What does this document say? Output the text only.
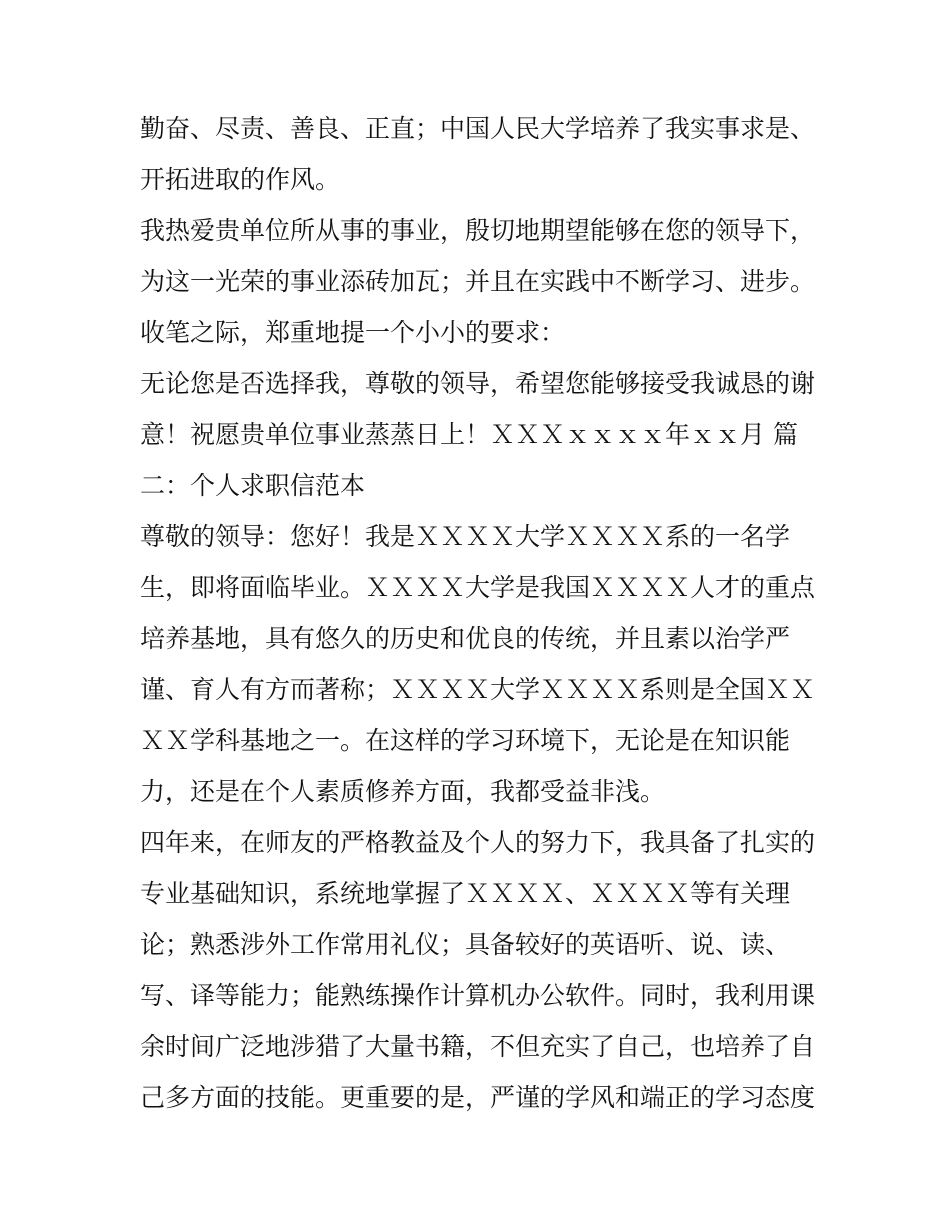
勤奋、尽责、善良、正直；中国人民大学培养了我实事求是、
开拓进取的作风。
我热爱贵单位所从事的事业，殷切地期望能够在您的领导下，
为这一光荣的事业添砖加瓦；并且在实践中不断学习、进步。
收笔之际，郑重地提一个小小的要求：
无论您是否选择我，尊敬的领导，希望您能够接受我诚恳的谢
意！祝愿贵单位事业蒸蒸日上！ＸＸＸｘｘｘｘ年ｘｘ月 篇
二：个人求职信范本
尊敬的领导：您好！我是ＸＸＸＸ大学ＸＸＸＸ系的一名学
生，即将面临毕业。ＸＸＸＸ大学是我国ＸＸＸＸ人才的重点
培养基地，具有悠久的历史和优良的传统，并且素以治学严
谨、育人有方而著称；ＸＸＸＸ大学ＸＸＸＸ系则是全国ＸＸ
ＸＸ学科基地之一。在这样的学习环境下，无论是在知识能
力，还是在个人素质修养方面，我都受益非浅。
四年来，在师友的严格教益及个人的努力下，我具备了扎实的
专业基础知识，系统地掌握了ＸＸＸＸ、ＸＸＸＸ等有关理
论；熟悉涉外工作常用礼仪；具备较好的英语听、说、读、
写、译等能力；能熟练操作计算机办公软件。同时，我利用课
余时间广泛地涉猎了大量书籍，不但充实了自己，也培养了自
己多方面的技能。更重要的是，严谨的学风和端正的学习态度
